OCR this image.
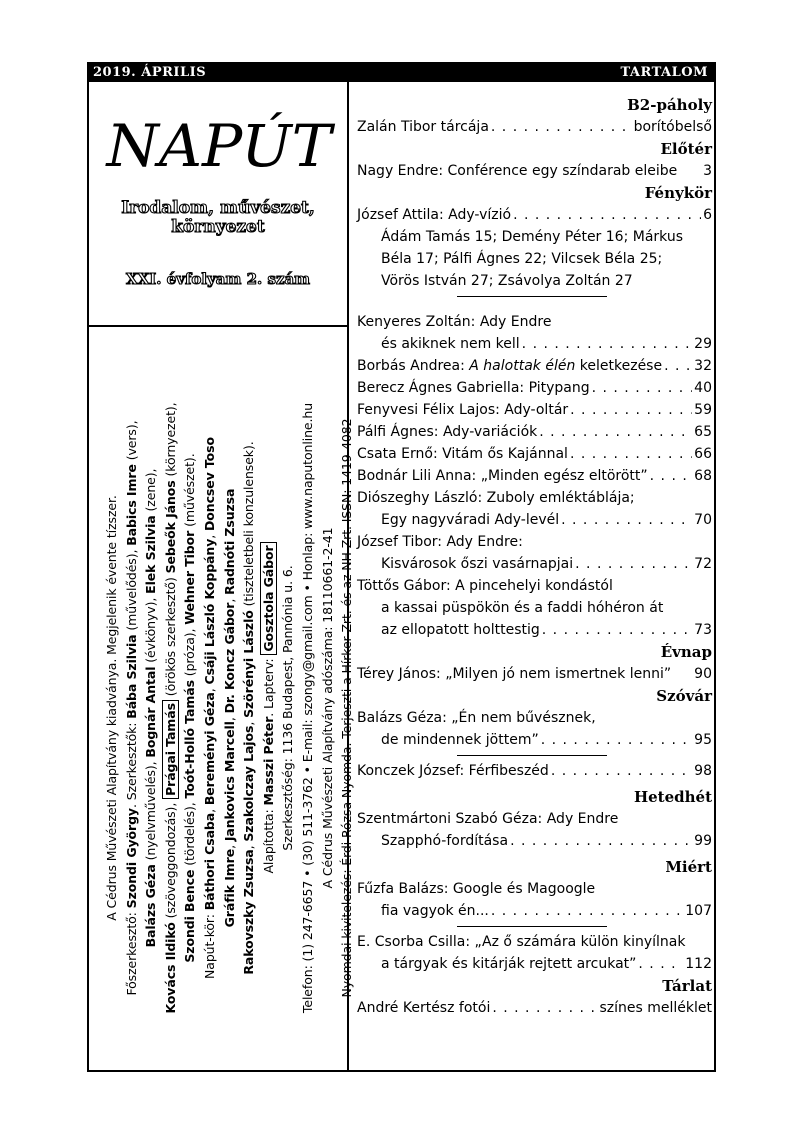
2019. ÁPRILIS	TARTALOM
NAPÚT
Irodalom, művészet,
környezet
XXI. évfolyam 2. szám

A Cédrus Művészeti Alapítvány kiadványa. Megjelenik évente tízszer.

Főszerkesztő: Szondi György. Szerkesztők: Bába Szilvia (művelődés), Babics Imre (vers),

Balázs Géza (nyelvművelés), Bognár Antal (évkönyv), Elek Szilvia (zene),

Kovács Ildikó (szöveggondozás), Prágai Tamás (örökös szerkesztő) Sebeők János (környezet),

Szondi Bence (tördelés), Toót-Holló Tamás (próza), Wehner Tibor (művészet).

Napút-kör: Báthori Csaba, Bereményi Géza, Csáji László Koppány, Doncsev Toso

Gráfik Imre, Jankovics Marcell, Dr. Koncz Gábor, Radnóti Zsuzsa

Rakovszky Zsuzsa, Szakolczay Lajos, Szörényi László (tiszteletbeli konzulensek).

Alapította: Masszi Péter. Lapterv: Gosztola Gábor Szerkesztőség: 1136 Budapest, Pannónia u. 6. Telefon: (1) 247-6657 • (30) 511-3762 • E-mail: szongy@gmail.com • Honlap: www.naputonline.hu A Cédrus Művészeti Alapítvány adószáma: 18110661-2-41 Nyomdai kivitelezés: Érdi Rózsa Nyomda. Terjeszti a Hírker Zrt. és az NH Zrt. ISSN: 1419-4082

B2-páholy
Zalán Tibor tárcája . . .	borítóbelső
Előtér
Nagy Endre: Conférence egy színdarab eleibe 3
Fénykör
József Attila: Ady-vízió . . .	6
Ádám Tamás 15; Demény Péter 16; Márkus
Béla 17; Pálfi Ágnes 22; Vilcsek Béla 25;
Vörös István 27; Zsávolya Zoltán 27
Kenyeres Zoltán: Ady Endre
és akiknek nem kell . . .	29
Borbás Andrea: A halottak élén keletkezése . . . 32
Berecz Ágnes Gabriella: Pitypang . . .	40
Fenyvesi Félix Lajos: Ady-oltár . . .	59
Pálfi Ágnes: Ady-variációk . . .	65
Csata Ernő: Vitám ős Kajánnal . . .	66
Bodnár Lili Anna: „Minden egész eltörött” . . .	68
Diószeghy László: Zuboly emléktáblája;
Egy nagyváradi Ady-levél . . .	70
József Tibor: Ady Endre:
Kisvárosok őszi vasárnapjai . . .	72
Töttős Gábor: A pincehelyi kondástól
a kassai püspökön és a faddi hóhéron át
az ellopatott holttestig . . .	73
Évnap
Térey János: „Milyen jó nem ismertnek lenni” 90
Szóvár
Balázs Géza: „Én nem bűvésznek,
de mindennek jöttem” . . .	95
Konczek József: Férfibeszéd . . .	98
Hetedhét
Szentmártoni Szabó Géza: Ady Endre
Szapphó-fordítása . . .	99
Miért
Fűzfa Balázs: Google és Magoogle
fia vagyok én... . . .	107
E. Csorba Csilla: „Az ő számára külön kinyílnak
a tárgyak és kitárják rejtett arcukat” . . .	112
Tárlat
André Kertész fotói . . .	színes melléklet
